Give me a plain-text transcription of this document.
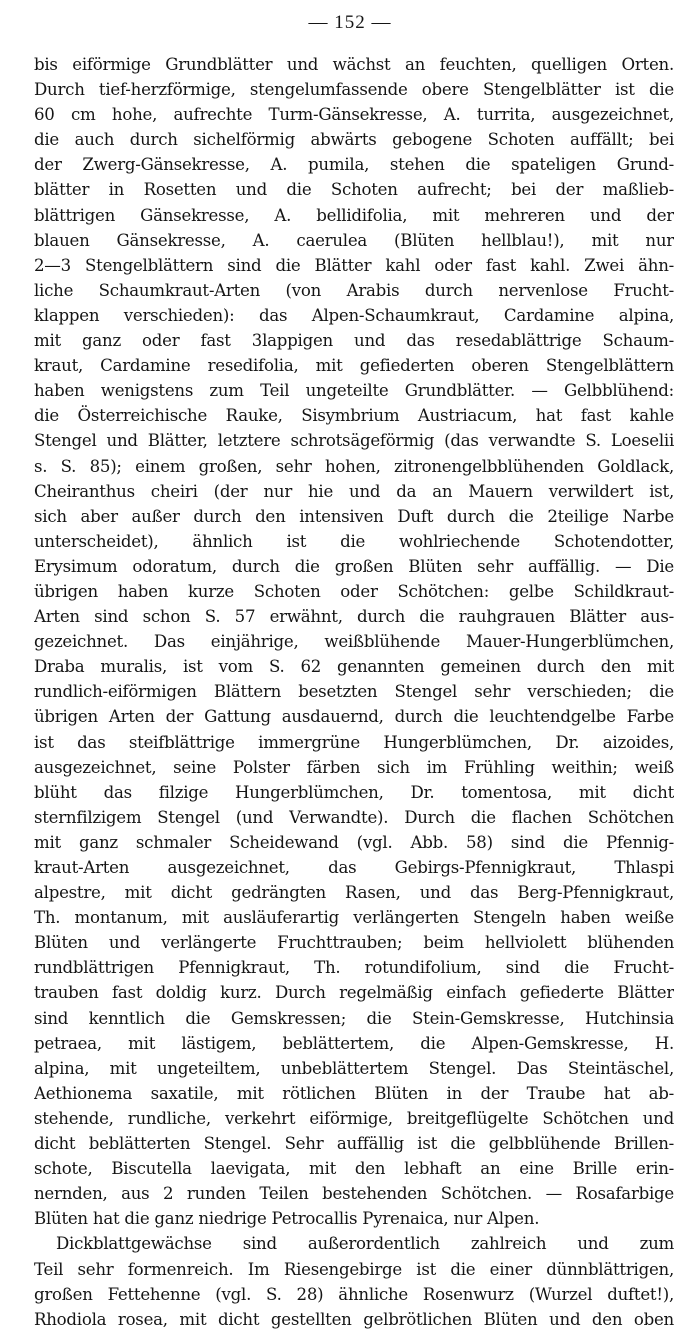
— 152 —
bis eiförmige Grundblätter und wächst an feuchten, quelligen Orten.
Durch tief-herzförmige, stengelumfassende obere Stengelblätter ist die
60 cm hohe, aufrechte Turm-Gänsekresse, A. turrita, ausgezeichnet,
die auch durch sichelförmig abwärts gebogene Schoten auffällt; bei
der Zwerg-Gänsekresse, A. pumila, stehen die spateligen Grund-
blätter in Rosetten und die Schoten aufrecht; bei der maßlieb-
blättrigen Gänsekresse, A. bellidifolia, mit mehreren und der
blauen Gänsekresse, A. caerulea (Blüten hellblau!), mit nur
2—3 Stengelblättern sind die Blätter kahl oder fast kahl. Zwei ähn-
liche Schaumkraut-Arten (von Arabis durch nervenlose Frucht-
klappen verschieden): das Alpen-Schaumkraut, Cardamine alpina,
mit ganz oder fast 3lappigen und das resedablättrige Schaum-
kraut, Cardamine resedifolia, mit gefiederten oberen Stengelblättern
haben wenigstens zum Teil ungeteilte Grundblätter. — Gelbblühend:
die Österreichische Rauke, Sisymbrium Austriacum, hat fast kahle
Stengel und Blätter, letztere schrotsägeförmig (das verwandte S. Loeselii
s. S. 85); einem großen, sehr hohen, zitronengelbblühenden Goldlack,
Cheiranthus cheiri (der nur hie und da an Mauern verwildert ist,
sich aber außer durch den intensiven Duft durch die 2teilige Narbe
unterscheidet), ähnlich ist die wohlriechende Schotendotter,
Erysimum odoratum, durch die großen Blüten sehr auffällig. — Die
übrigen haben kurze Schoten oder Schötchen: gelbe Schildkraut-
Arten sind schon S. 57 erwähnt, durch die rauhgrauen Blätter aus-
gezeichnet. Das einjährige, weißblühende Mauer-Hungerblümchen,
Draba muralis, ist vom S. 62 genannten gemeinen durch den mit
rundlich-eiförmigen Blättern besetzten Stengel sehr verschieden; die
übrigen Arten der Gattung ausdauernd, durch die leuchtendgelbe Farbe
ist das steifblättrige immergrüne Hungerblümchen, Dr. aizoides,
ausgezeichnet, seine Polster färben sich im Frühling weithin; weiß
blüht das filzige Hungerblümchen, Dr. tomentosa, mit dicht
sternfilzigem Stengel (und Verwandte). Durch die flachen Schötchen
mit ganz schmaler Scheidewand (vgl. Abb. 58) sind die Pfennig-
kraut-Arten ausgezeichnet, das Gebirgs-Pfennigkraut, Thlaspi
alpestre, mit dicht gedrängten Rasen, und das Berg-Pfennigkraut,
Th. montanum, mit ausläuferartig verlängerten Stengeln haben weiße
Blüten und verlängerte Fruchttrauben; beim hellviolett blühenden
rundblättrigen Pfennigkraut, Th. rotundifolium, sind die Frucht-
trauben fast doldig kurz. Durch regelmäßig einfach gefiederte Blätter
sind kenntlich die Gemskressen; die Stein-Gemskresse, Hutchinsia
petraea, mit lästigem, beblättertem, die Alpen-Gemskresse, H.
alpina, mit ungeteiltem, unbeblättertem Stengel. Das Steintäschel,
Aethionema saxatile, mit rötlichen Blüten in der Traube hat ab-
stehende, rundliche, verkehrt eiförmige, breitgeflügelte Schötchen und
dicht beblätterten Stengel. Sehr auffällig ist die gelbblühende Brillen-
schote, Biscutella laevigata, mit den lebhaft an eine Brille erin-
nernden, aus 2 runden Teilen bestehenden Schötchen. — Rosafarbige
Blüten hat die ganz niedrige Petrocallis Pyrenaica, nur Alpen.
Dickblattgewächse sind außerordentlich zahlreich und zum
Teil sehr formenreich. Im Riesengebirge ist die einer dünnblättrigen,
großen Fettehenne (vgl. S. 28) ähnliche Rosenwurz (Wurzel duftet!),
Rhodiola rosea, mit dicht gestellten gelbrötlichen Blüten und den oben
